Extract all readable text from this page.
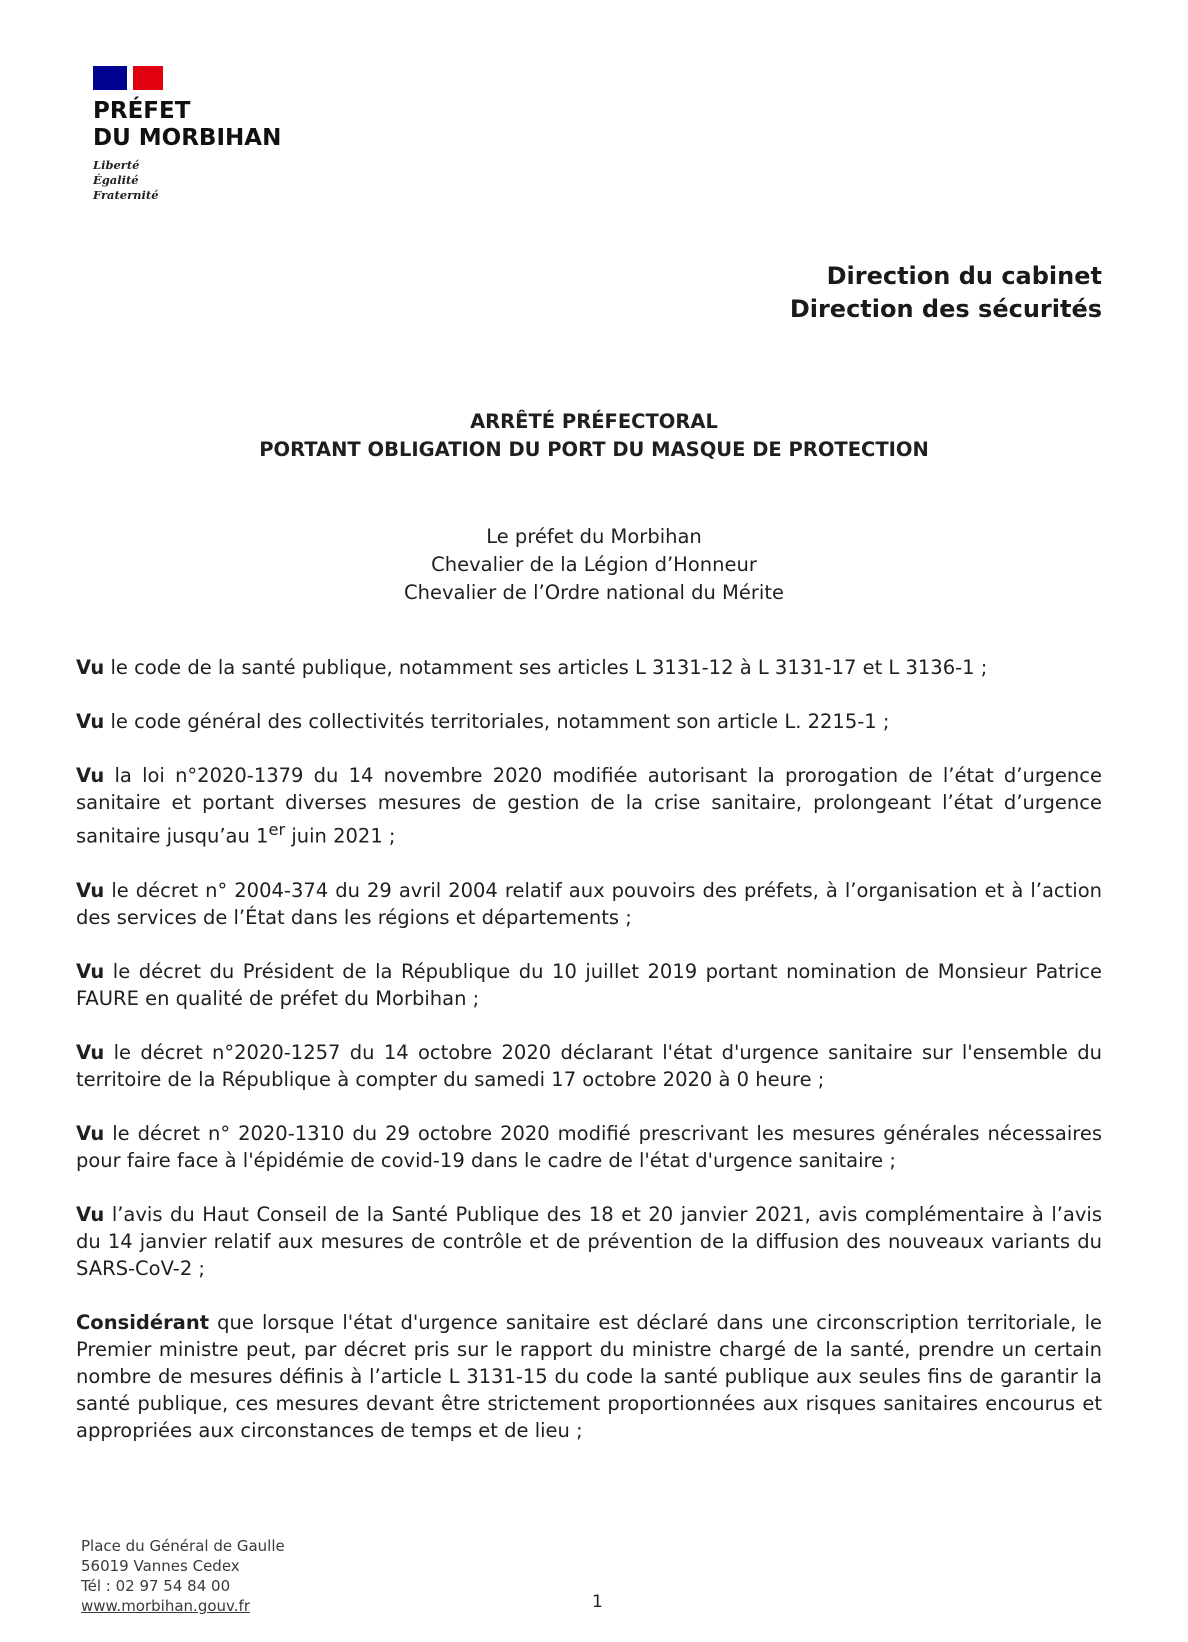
PRÉFET
DU MORBIHAN
Liberté
Égalité
Fraternité
Direction du cabinet
Direction des sécurités
ARRÊTÉ PRÉFECTORAL
PORTANT OBLIGATION DU PORT DU MASQUE DE PROTECTION
Le préfet du Morbihan
Chevalier de la Légion d’Honneur
Chevalier de l’Ordre national du Mérite

Vu le code de la santé publique, notamment ses articles L 3131-12 à L 3131-17 et L 3136-1 ;

Vu le code général des collectivités territoriales, notamment son article L. 2215-1 ;

Vu la loi n°2020-1379 du 14 novembre 2020 modifiée autorisant la prorogation de l’état d’urgence sanitaire et portant diverses mesures de gestion de la crise sanitaire, prolongeant l’état d’urgence sanitaire jusqu’au 1er juin 2021 ;

Vu le décret n° 2004-374 du 29 avril 2004 relatif aux pouvoirs des préfets, à l’organisation et à l’action des services de l’État dans les régions et départements ;

Vu le décret du Président de la République du 10 juillet 2019 portant nomination de Monsieur Patrice FAURE en qualité de préfet du Morbihan ;

Vu le décret n°2020-1257 du 14 octobre 2020 déclarant l'état d'urgence sanitaire sur l'ensemble du territoire de la République à compter du samedi 17 octobre 2020 à 0 heure ;

Vu le décret n° 2020-1310 du 29 octobre 2020 modifié prescrivant les mesures générales nécessaires pour faire face à l'épidémie de covid-19 dans le cadre de l'état d'urgence sanitaire ;

Vu l’avis du Haut Conseil de la Santé Publique des 18 et 20 janvier 2021, avis complémentaire à l’avis du 14 janvier relatif aux mesures de contrôle et de prévention de la diffusion des nouveaux variants du SARS-CoV-2 ;

Considérant que lorsque l'état d'urgence sanitaire est déclaré dans une circonscription territoriale, le Premier ministre peut, par décret pris sur le rapport du ministre chargé de la santé, prendre un certain nombre de mesures définis à l’article L 3131-15 du code la santé publique aux seules fins de garantir la santé publique, ces mesures devant être strictement proportionnées aux risques sanitaires encourus et appropriées aux circonstances de temps et de lieu ;

Place du Général de Gaulle
56019 Vannes Cedex
Tél : 02 97 54 84 00
www.morbihan.gouv.fr	1
